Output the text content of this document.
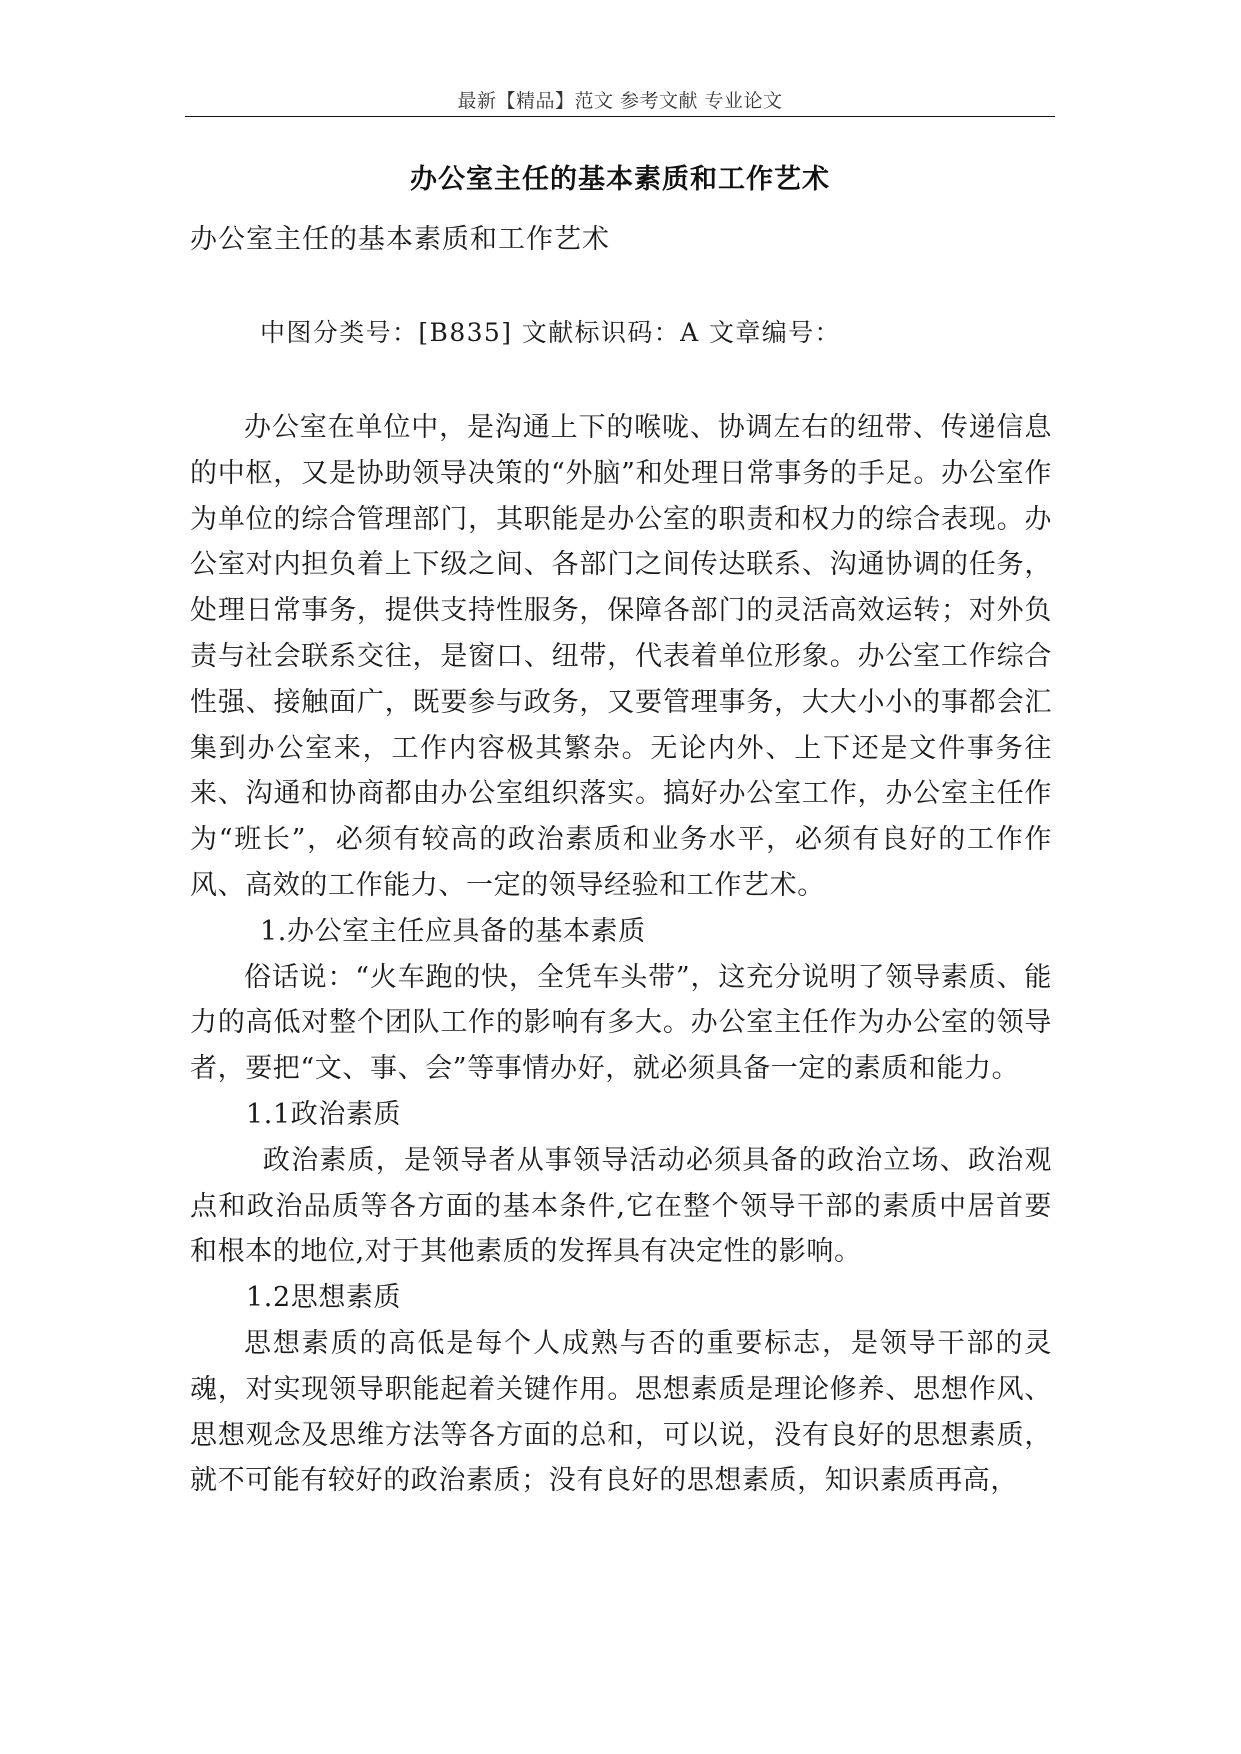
最新【精品】范文 参考文献 专业论文
办公室主任的基本素质和工作艺术
办公室主任的基本素质和工作艺术
中图分类号：[B835] 文献标识码：A 文章编号：

办公室在单位中，是沟通上下的喉咙、协调左右的纽带、传递信息的中枢，又是协助领导决策的“外脑”和处理日常事务的手足。办公室作为单位的综合管理部门，其职能是办公室的职责和权力的综合表现。办公室对内担负着上下级之间、各部门之间传达联系、沟通协调的任务，处理日常事务，提供支持性服务，保障各部门的灵活高效运转；对外负责与社会联系交往，是窗口、纽带，代表着单位形象。办公室工作综合性强、接触面广，既要参与政务，又要管理事务，大大小小的事都会汇集到办公室来，工作内容极其繁杂。无论内外、上下还是文件事务往来、沟通和协商都由办公室组织落实。搞好办公室工作，办公室主任作为“班长”，必须有较高的政治素质和业务水平，必须有良好的工作作风、高效的工作能力、一定的领导经验和工作艺术。

1.办公室主任应具备的基本素质

俗话说：“火车跑的快，全凭车头带”，这充分说明了领导素质、能力的高低对整个团队工作的影响有多大。办公室主任作为办公室的领导者，要把“文、事、会”等事情办好，就必须具备一定的素质和能力。

1.1政治素质

政治素质，是领导者从事领导活动必须具备的政治立场、政治观点和政治品质等各方面的基本条件,它在整个领导干部的素质中居首要和根本的地位,对于其他素质的发挥具有决定性的影响。

1.2思想素质

思想素质的高低是每个人成熟与否的重要标志，是领导干部的灵魂，对实现领导职能起着关键作用。思想素质是理论修养、思想作风、思想观念及思维方法等各方面的总和，可以说，没有良好的思想素质，就不可能有较好的政治素质；没有良好的思想素质，知识素质再高，
